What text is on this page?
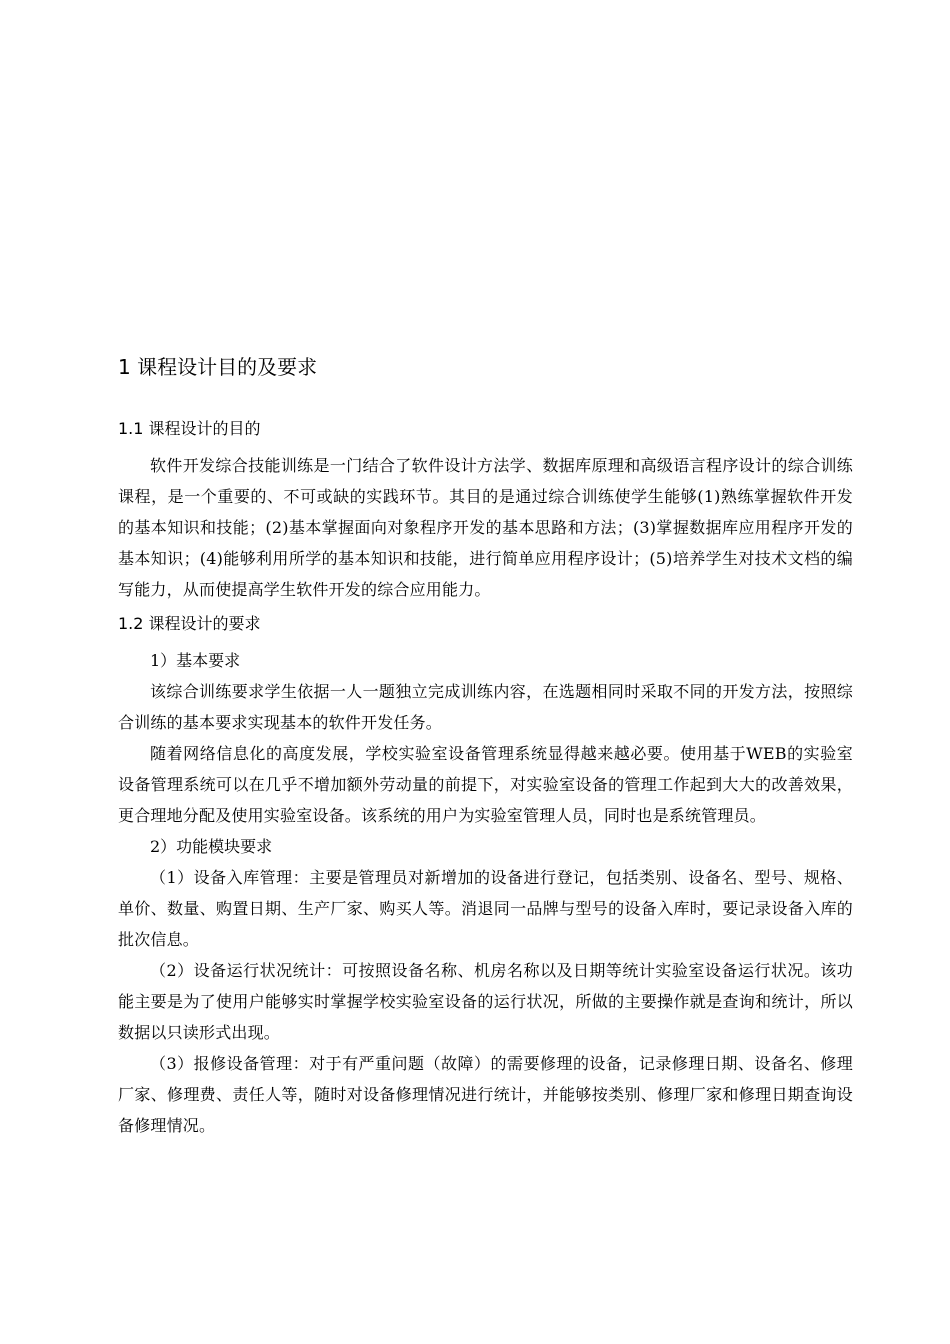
1 课程设计目的及要求
1.1 课程设计的目的

软件开发综合技能训练是一门结合了软件设计方法学、数据库原理和高级语言程序设计的综合训练课程，是一个重要的、不可或缺的实践环节。其目的是通过综合训练使学生能够(1)熟练掌握软件开发的基本知识和技能；(2)基本掌握面向对象程序开发的基本思路和方法；(3)掌握数据库应用程序开发的基本知识；(4)能够利用所学的基本知识和技能，进行简单应用程序设计；(5)培养学生对技术文档的编写能力，从而使提高学生软件开发的综合应用能力。

1.2 课程设计的要求

1）基本要求

该综合训练要求学生依据一人一题独立完成训练内容，在选题相同时采取不同的开发方法，按照综合训练的基本要求实现基本的软件开发任务。

随着网络信息化的高度发展，学校实验室设备管理系统显得越来越必要。使用基于WEB的实验室设备管理系统可以在几乎不增加额外劳动量的前提下，对实验室设备的管理工作起到大大的改善效果，更合理地分配及使用实验室设备。该系统的用户为实验室管理人员，同时也是系统管理员。

2）功能模块要求

（1）设备入库管理：主要是管理员对新增加的设备进行登记，包括类别、设备名、型号、规格、单价、数量、购置日期、生产厂家、购买人等。消退同一品牌与型号的设备入库时，要记录设备入库的批次信息。

（2）设备运行状况统计：可按照设备名称、机房名称以及日期等统计实验室设备运行状况。该功能主要是为了使用户能够实时掌握学校实验室设备的运行状况，所做的主要操作就是查询和统计，所以数据以只读形式出现。

（3）报修设备管理：对于有严重问题（故障）的需要修理的设备，记录修理日期、设备名、修理厂家、修理费、责任人等，随时对设备修理情况进行统计，并能够按类别、修理厂家和修理日期查询设备修理情况。
